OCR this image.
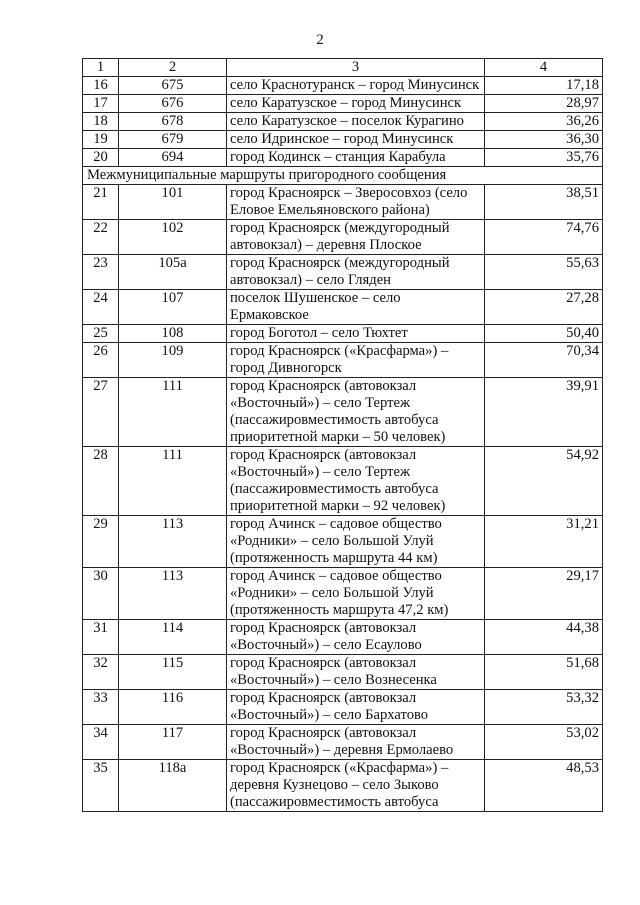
2
1	2	3	4
16	675	село Краснотуранск – город Минусинск	17,18
17	676	село Каратузское – город Минусинск	28,97
18	678	село Каратузское – поселок Курагино	36,26
19	679	село Идринское – город Минусинск	36,30
20	694	город Кодинск – станция Карабула	35,76
Межмуниципальные маршруты пригородного сообщения			
21	101	город Красноярск – Зверосовхоз (село Еловое Емельяновского района)	38,51
22	102	город Красноярск (междугородный автовокзал) – деревня Плоское	74,76
23	105а	город Красноярск (междугородный автовокзал) – село Гляден	55,63
24	107	поселок Шушенское – село Ермаковское	27,28
25	108	город Боготол – село Тюхтет	50,40
26	109	город Красноярск («Красфарма») – город Дивногорск	70,34
27	111	город Красноярск (автовокзал «Восточный») – село Тертеж (пассажировместимость автобуса приоритетной марки – 50 человек)	39,91
28	111	город Красноярск (автовокзал «Восточный») – село Тертеж (пассажировместимость автобуса приоритетной марки – 92 человек)	54,92
29	113	город Ачинск – садовое общество «Родники» – село Большой Улуй (протяженность маршрута 44 км)	31,21
30	113	город Ачинск – садовое общество «Родники» – село Большой Улуй (протяженность маршрута 47,2 км)	29,17
31	114	город Красноярск (автовокзал «Восточный») – село Есаулово	44,38
32	115	город Красноярск (автовокзал «Восточный») – село Вознесенка	51,68
33	116	город Красноярск (автовокзал «Восточный») – село Бархатово	53,32
34	117	город Красноярск (автовокзал «Восточный») – деревня Ермолаево	53,02
35	118а	город Красноярск («Красфарма») – деревня Кузнецово – село Зыково (пассажировместимость автобуса	48,53
